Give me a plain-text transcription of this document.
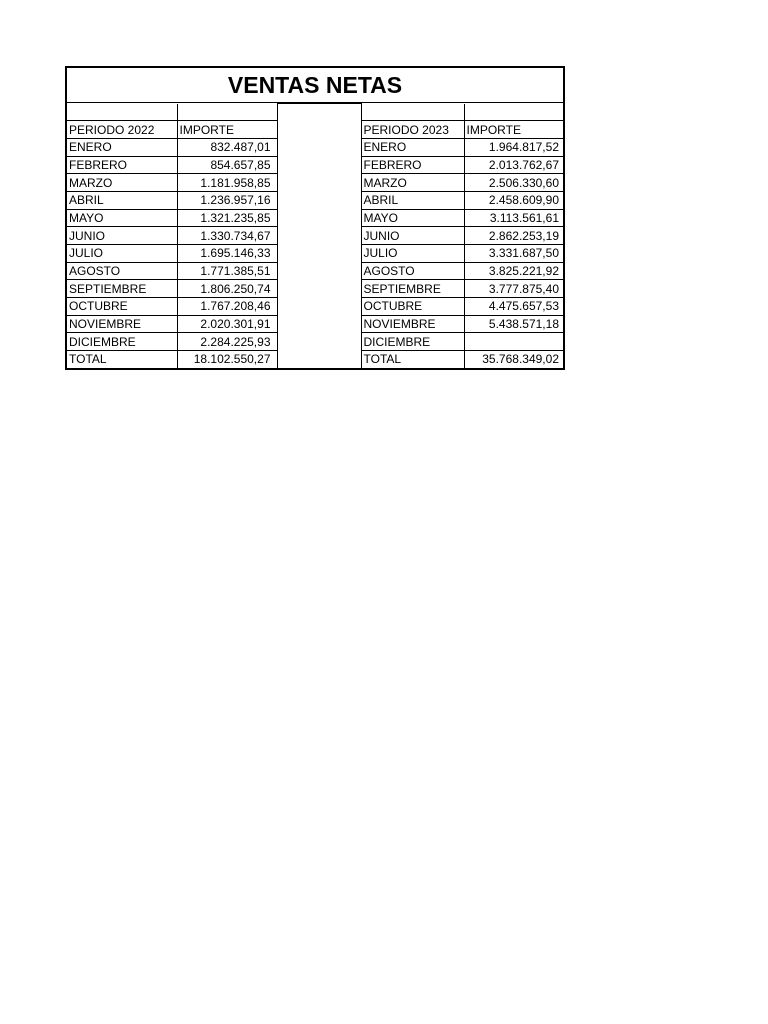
VENTAS NETAS

PERIODO 2022	IMPORTE		PERIODO 2023	IMPORTE
ENERO	832.487,01		ENERO	1.964.817,52
FEBRERO	854.657,85		FEBRERO	2.013.762,67
MARZO	1.181.958,85		MARZO	2.506.330,60
ABRIL	1.236.957,16		ABRIL	2.458.609,90
MAYO	1.321.235,85		MAYO	3.113.561,61
JUNIO	1.330.734,67		JUNIO	2.862.253,19
JULIO	1.695.146,33		JULIO	3.331.687,50
AGOSTO	1.771.385,51		AGOSTO	3.825.221,92
SEPTIEMBRE	1.806.250,74		SEPTIEMBRE	3.777.875,40
OCTUBRE	1.767.208,46		OCTUBRE	4.475.657,53
NOVIEMBRE	2.020.301,91		NOVIEMBRE	5.438.571,18
DICIEMBRE	2.284.225,93		DICIEMBRE	
TOTAL	18.102.550,27		TOTAL	35.768.349,02
